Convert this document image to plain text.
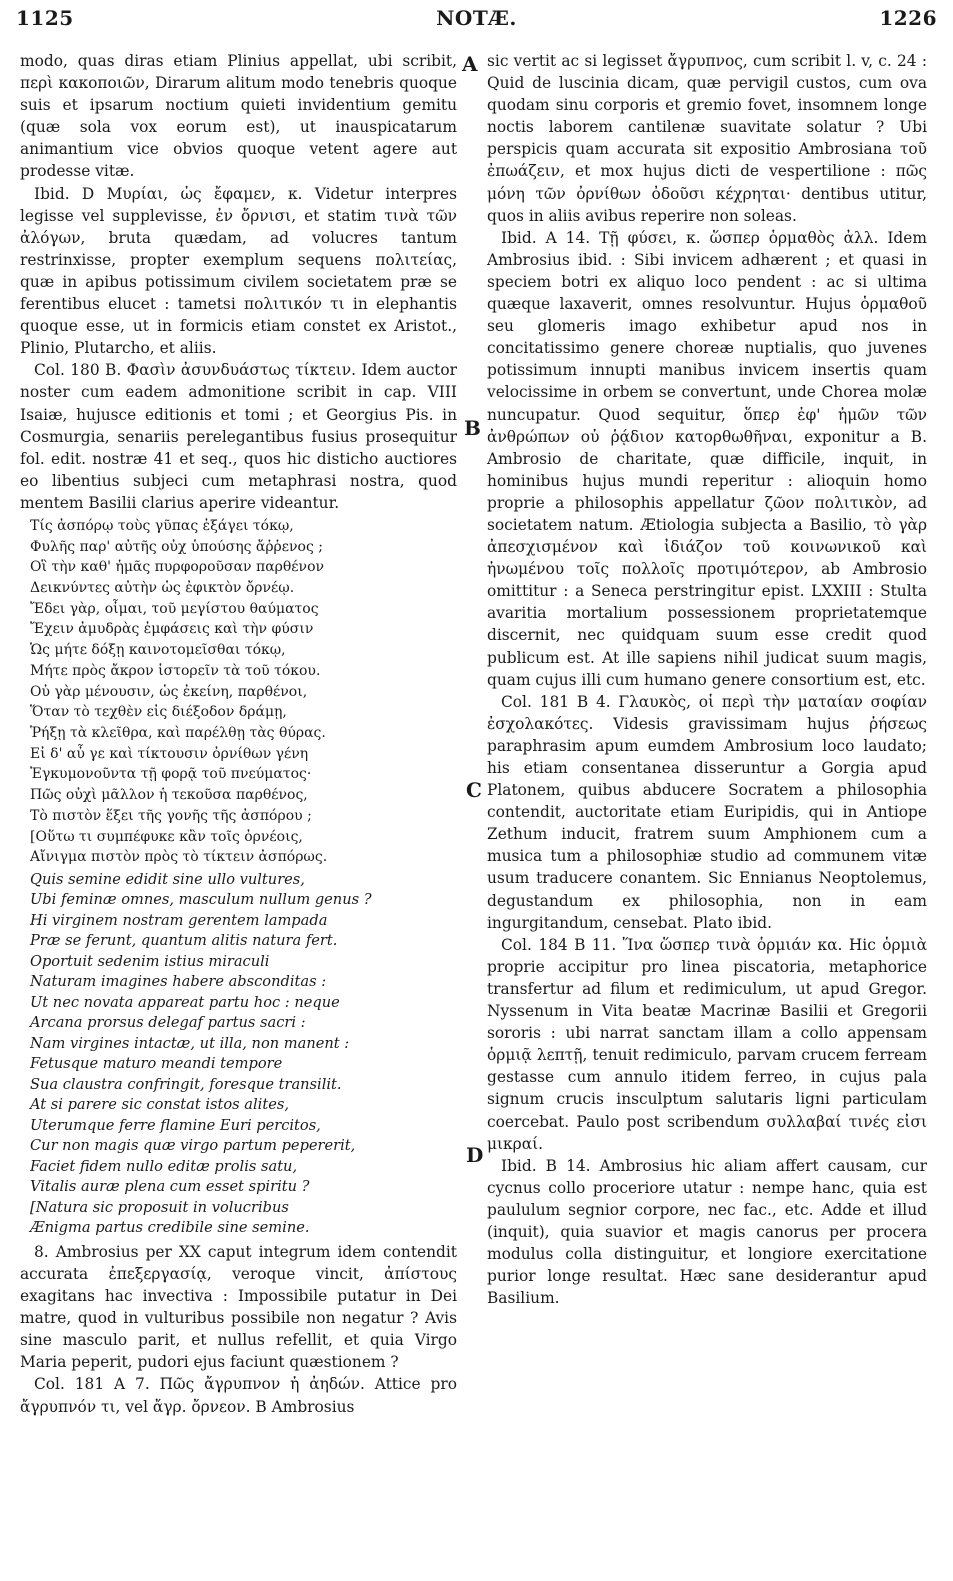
1125	NOTÆ.	1226
A
B
C
D

modo, quas diras etiam Plinius appellat, ubi scribit, περὶ κακοποιῶν, Dirarum alitum modo tenebris quoque suis et ipsarum noctium quieti invidentium gemitu (quæ sola vox eorum est), ut inauspicatarum animantium vice obvios quoque vetent agere aut prodesse vitæ.

Ibid. D Μυρίαι, ὡς ἔφαμεν, κ. Videtur interpres legisse vel supplevisse, ἐν ὄρνισι, et statim τινὰ τῶν ἀλόγων, bruta quædam, ad volucres tantum restrinxisse, propter exemplum sequens πολιτείας, quæ in apibus potissimum civilem societatem præ se ferentibus elucet : tametsi πολιτικόν τι in elephantis quoque esse, ut in formicis etiam constet ex Aristot., Plinio, Plutarcho, et aliis.

Col. 180 B. Φασὶν ἀσυνδυάστως τίκτειν. Idem auctor noster cum eadem admonitione scribit in cap. VIII Isaiæ, hujusce editionis et tomi ; et Georgius Pis. in Cosmurgia, senariis perelegantibus fusius prosequitur fol. edit. nostræ 41 et seq., quos hic disticho auctiores eo libentius subjeci cum metaphrasi nostra, quod mentem Basilii clarius aperire videantur.

Τίς ἀσπόρῳ τοὺς γῦπας ἐξάγει τόκῳ,
Φυλῆς παρ' αὐτῆς οὐχ ὑπούσης ἄῤῥενος ;
Οἳ τὴν καθ' ἡμᾶς πυρφοροῦσαν παρθένον
Δεικνύντες αὐτὴν ὡς ἐφικτὸν ὄρνέῳ.
Ἔδει γὰρ, οἶμαι, τοῦ μεγίστου θαύματος
Ἔχειν ἀμυδρὰς ἐμφάσεις καὶ τὴν φύσιν
Ὡς μήτε δόξῃ καινοτομεῖσθαι τόκῳ,
Μήτε πρὸς ἄκρον ἱστορεῖν τὰ τοῦ τόκου.
Οὐ γὰρ μένουσιν, ὡς ἐκείνη, παρθένοι,
Ὅταν τὸ τεχθὲν εἰς διέξοδον δράμῃ,
Ῥήξῃ τὰ κλεῖθρα, καὶ παρέλθῃ τὰς θύρας.
Εἰ δ' αὖ γε καὶ τίκτουσιν ὀρνίθων γένη
Ἐγκυμονοῦντα τῇ φορᾷ τοῦ πνεύματος·
Πῶς οὐχὶ μᾶλλον ἡ τεκοῦσα παρθένος,
Τὸ πιστὸν ἕξει τῆς γονῆς τῆς ἀσπόρου ;
[Οὕτω τι συμπέφυκε κἂν τοῖς ὀρνέοις,
Αἴνιγμα πιστὸν πρὸς τὸ τίκτειν ἀσπόρως.
Quis semine edidit sine ullo vultures,
Ubi feminæ omnes, masculum nullum genus ?
Hi virginem nostram gerentem lampada
Præ se ferunt, quantum alitis natura fert.
Oportuit sedenim istius miraculi
Naturam imagines habere absconditas :
Ut nec novata appareat partu hoc : neque
Arcana prorsus delegaf partus sacri :
Nam virgines intactæ, ut illa, non manent :
Fetusque maturo meandi tempore
Sua claustra confringit, foresque transilit.
At si parere sic constat istos alites,
Uterumque ferre flamine Euri percitos,
Cur non magis quæ virgo partum pepererit,
Faciet fidem nullo editæ prolis satu,
Vitalis auræ plena cum esset spiritu ?
[Natura sic proposuit in volucribus
Ænigma partus credibile sine semine.

8. Ambrosius per XX caput integrum idem contendit accurata ἐπεξεργασίᾳ, veroque vincit, ἀπίστους exagitans hac invectiva : Impossibile putatur in Dei matre, quod in vulturibus possibile non negatur ? Avis sine masculo parit, et nullus refellit, et quia Virgo Maria peperit, pudori ejus faciunt quæstionem ?

Col. 181 A 7. Πῶς ἄγρυπνον ἡ ἀηδών. Attice pro ἄγρυπνόν τι, vel ἄγρ. ὄρνεον. B Ambrosius

sic vertit ac si legisset ἄγρυπνος, cum scribit l. v, c. 24 : Quid de luscinia dicam, quæ pervigil custos, cum ova quodam sinu corporis et gremio fovet, insomnem longe noctis laborem cantilenæ suavitate solatur ? Ubi perspicis quam accurata sit expositio Ambrosiana τοῦ ἐπωάζειν, et mox hujus dicti de vespertilione : πῶς μόνη τῶν ὀρνίθων ὀδοῦσι κέχρηται· dentibus utitur, quos in aliis avibus reperire non soleas.

Ibid. A 14. Τῇ φύσει, κ. ὥσπερ ὁρμαθὸς ἀλλ. Idem Ambrosius ibid. : Sibi invicem adhærent ; et quasi in speciem botri ex aliquo loco pendent : ac si ultima quæque laxaverit, omnes resolvuntur. Hujus ὁρμαθοῦ seu glomeris imago exhibetur apud nos in concitatissimo genere choreæ nuptialis, quo juvenes potissimum innupti manibus invicem insertis quam velocissime in orbem se convertunt, unde Chorea molæ nuncupatur. Quod sequitur, ὅπερ ἐφ' ἡμῶν τῶν ἀνθρώπων οὐ ῥᾴδιον κατορθωθῆναι, exponitur a B. Ambrosio de charitate, quæ difficile, inquit, in hominibus hujus mundi reperitur : alioquin homo proprie a philosophis appellatur ζῶον πολιτικὸν, ad societatem natum. Ætiologia subjecta a Basilio, τὸ γὰρ ἀπεσχισμένον καὶ ἰδιάζον τοῦ κοινωνικοῦ καὶ ἡνωμένου τοῖς πολλοῖς προτιμότερον, ab Ambrosio omittitur : a Seneca perstringitur epist. LXXIII : Stulta avaritia mortalium possessionem proprietatemque discernit, nec quidquam suum esse credit quod publicum est. At ille sapiens nihil judicat suum magis, quam cujus illi cum humano genere consortium est, etc.

Col. 181 B 4. Γλαυκὸς, οἱ περὶ τὴν ματαίαν σοφίαν ἐσχολακότες. Videsis gravissimam hujus ῥήσεως paraphrasim apum eumdem Ambrosium loco laudato; his etiam consentanea disseruntur a Gorgia apud Platonem, quibus abducere Socratem a philosophia contendit, auctoritate etiam Euripidis, qui in Antiope Zethum inducit, fratrem suum Amphionem cum a musica tum a philosophiæ studio ad communem vitæ usum traducere conantem. Sic Ennianus Neoptolemus, degustandum ex philosophia, non in eam ingurgitandum, censebat. Plato ibid.

Col. 184 B 11. Ἵνα ὥσπερ τινὰ ὁρμιάν κα. Hic ὁρμιὰ proprie accipitur pro linea piscatoria, metaphorice transfertur ad filum et redimiculum, ut apud Gregor. Nyssenum in Vita beatæ Macrinæ Basilii et Gregorii sororis : ubi narrat sanctam illam a collo appensam ὁρμιᾷ λεπτῇ, tenuit redimiculo, parvam crucem ferream gestasse cum annulo itidem ferreo, in cujus pala signum crucis insculptum salutaris ligni particulam coercebat. Paulo post scribendum συλλαβαί τινές εἰσι μικραί.

Ibid. B 14. Ambrosius hic aliam affert causam, cur cycnus collo proceriore utatur : nempe hanc, quia est paululum segnior corpore, nec fac., etc. Adde et illud (inquit), quia suavior et magis canorus per procera modulus colla distinguitur, et longiore exercitatione purior longe resultat. Hæc sane desiderantur apud Basilium.
